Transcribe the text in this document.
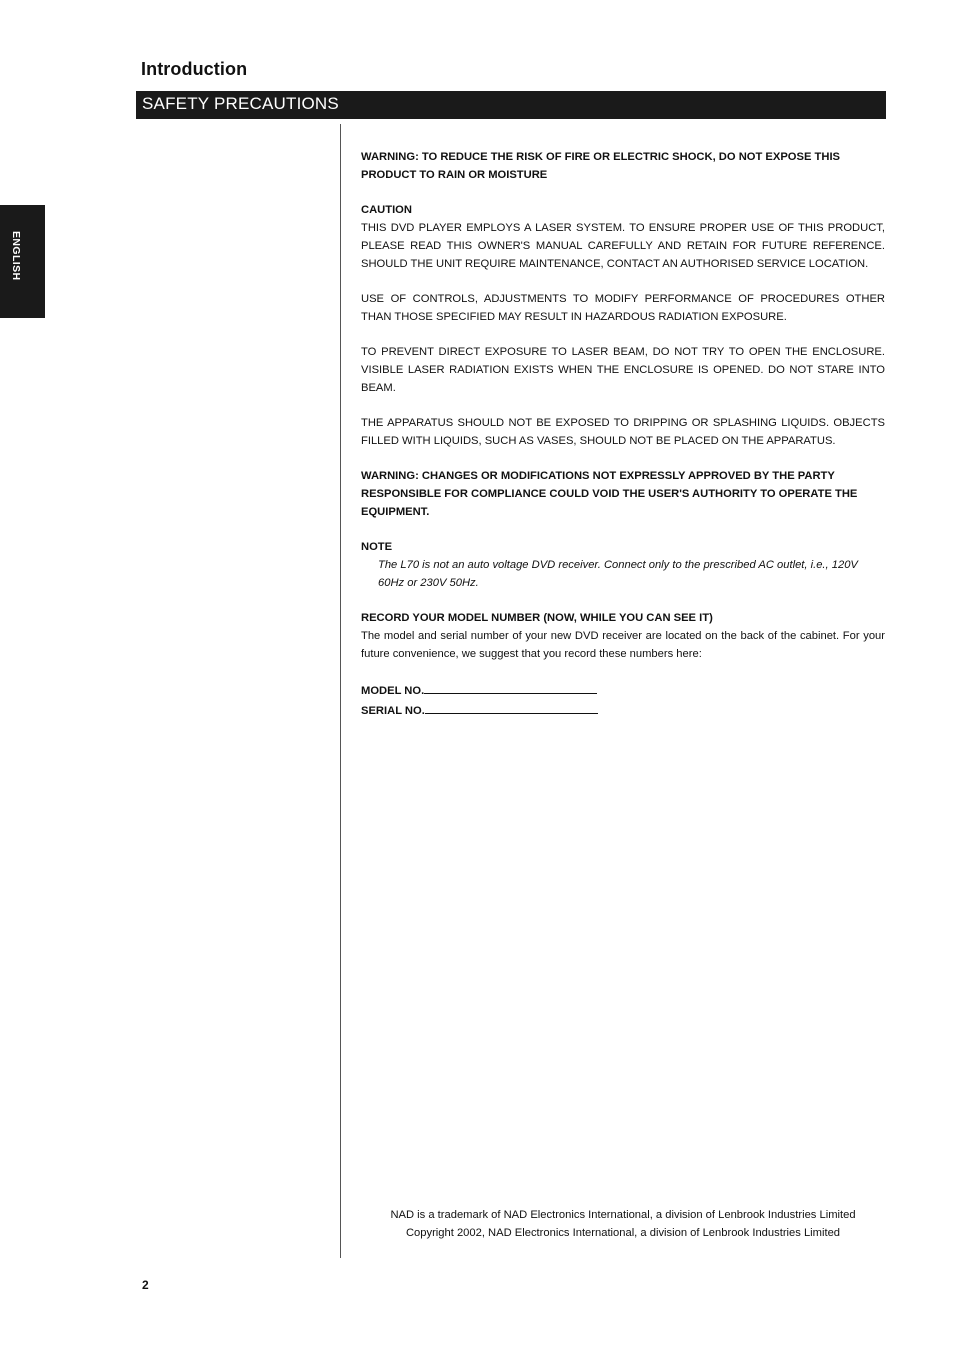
Introduction
SAFETY PRECAUTIONS
ENGLISH

WARNING: TO REDUCE THE RISK OF FIRE OR ELECTRIC SHOCK, DO NOT EXPOSE THIS PRODUCT TO RAIN OR MOISTURE

CAUTION

THIS DVD PLAYER EMPLOYS A LASER SYSTEM. TO ENSURE PROPER USE OF THIS PRODUCT, PLEASE READ THIS OWNER'S MANUAL CAREFULLY AND RETAIN FOR FUTURE REFERENCE. SHOULD THE UNIT REQUIRE MAINTENANCE, CONTACT AN AUTHORISED SERVICE LOCATION.

USE OF CONTROLS, ADJUSTMENTS TO MODIFY PERFORMANCE OF PROCEDURES OTHER THAN THOSE SPECIFIED MAY RESULT IN HAZARDOUS RADIATION EXPOSURE.

TO PREVENT DIRECT EXPOSURE TO LASER BEAM, DO NOT TRY TO OPEN THE ENCLOSURE. VISIBLE LASER RADIATION EXISTS WHEN THE ENCLOSURE IS OPENED. DO NOT STARE INTO BEAM.

THE APPARATUS SHOULD NOT BE EXPOSED TO DRIPPING OR SPLASHING LIQUIDS. OBJECTS FILLED WITH LIQUIDS, SUCH AS VASES, SHOULD NOT BE PLACED ON THE APPARATUS.

WARNING: CHANGES OR MODIFICATIONS NOT EXPRESSLY APPROVED BY THE PARTY RESPONSIBLE FOR COMPLIANCE COULD VOID THE USER'S AUTHORITY TO OPERATE THE EQUIPMENT.

NOTE

The L70 is not an auto voltage DVD receiver. Connect only to the prescribed AC outlet, i.e., 120V 60Hz or 230V 50Hz.

RECORD YOUR MODEL NUMBER (NOW, WHILE YOU CAN SEE IT)

The model and serial number of your new DVD receiver are located on the back of the cabinet. For your future convenience, we suggest that you record these numbers here:

MODEL NO.

SERIAL NO.

NAD is a trademark of NAD Electronics International, a division of Lenbrook Industries Limited

Copyright 2002, NAD Electronics International, a division of Lenbrook Industries Limited

2
